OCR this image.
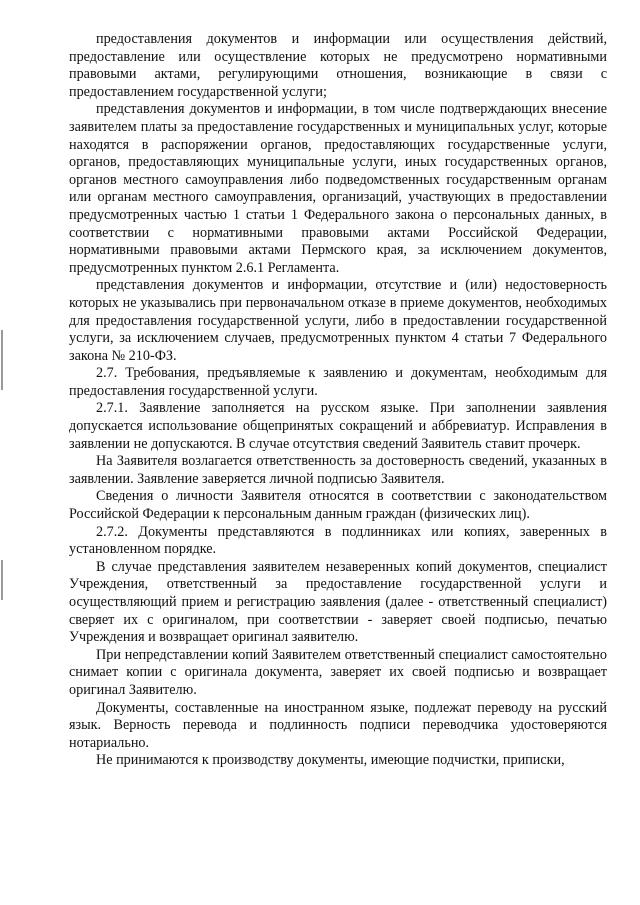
предоставления документов и информации или осуществления действий, предоставление или осуществление которых не предусмотрено нормативными правовыми актами, регулирующими отношения, возникающие в связи с предоставлением государственной услуги;

представления документов и информации, в том числе подтверждающих внесение заявителем платы за предоставление государственных и муниципальных услуг, которые находятся в распоряжении органов, предоставляющих государственные услуги, органов, предоставляющих муниципальные услуги, иных государственных органов, органов местного самоуправления либо подведомственных государственным органам или органам местного самоуправления, организаций, участвующих в предоставлении предусмотренных частью 1 статьи 1 Федерального закона о персональных данных, в соответствии с нормативными правовыми актами Российской Федерации, нормативными правовыми актами Пермского края, за исключением документов, предусмотренных пунктом 2.6.1 Регламента.

представления документов и информации, отсутствие и (или) недостоверность которых не указывались при первоначальном отказе в приеме документов, необходимых для предоставления государственной услуги, либо в предоставлении государственной услуги, за исключением случаев, предусмотренных пунктом 4 статьи 7 Федерального закона № 210-ФЗ.

2.7. Требования, предъявляемые к заявлению и документам, необходимым для предоставления государственной услуги.

2.7.1. Заявление заполняется на русском языке. При заполнении заявления допускается использование общепринятых сокращений и аббревиатур. Исправления в заявлении не допускаются. В случае отсутствия сведений Заявитель ставит прочерк.

На Заявителя возлагается ответственность за достоверность сведений, указанных в заявлении. Заявление заверяется личной подписью Заявителя.

Сведения о личности Заявителя относятся в соответствии с законодательством Российской Федерации к персональным данным граждан (физических лиц).

2.7.2. Документы представляются в подлинниках или копиях, заверенных в установленном порядке.

В случае представления заявителем незаверенных копий документов, специалист Учреждения, ответственный за предоставление государственной услуги и осуществляющий прием и регистрацию заявления (далее - ответственный специалист) сверяет их с оригиналом, при соответствии - заверяет своей подписью, печатью Учреждения и возвращает оригинал заявителю.

При непредставлении копий Заявителем ответственный специалист самостоятельно снимает копии с оригинала документа, заверяет их своей подписью и возвращает оригинал Заявителю.

Документы, составленные на иностранном языке, подлежат переводу на русский язык. Верность перевода и подлинность подписи переводчика удостоверяются нотариально.

Не принимаются к производству документы, имеющие подчистки, приписки,
